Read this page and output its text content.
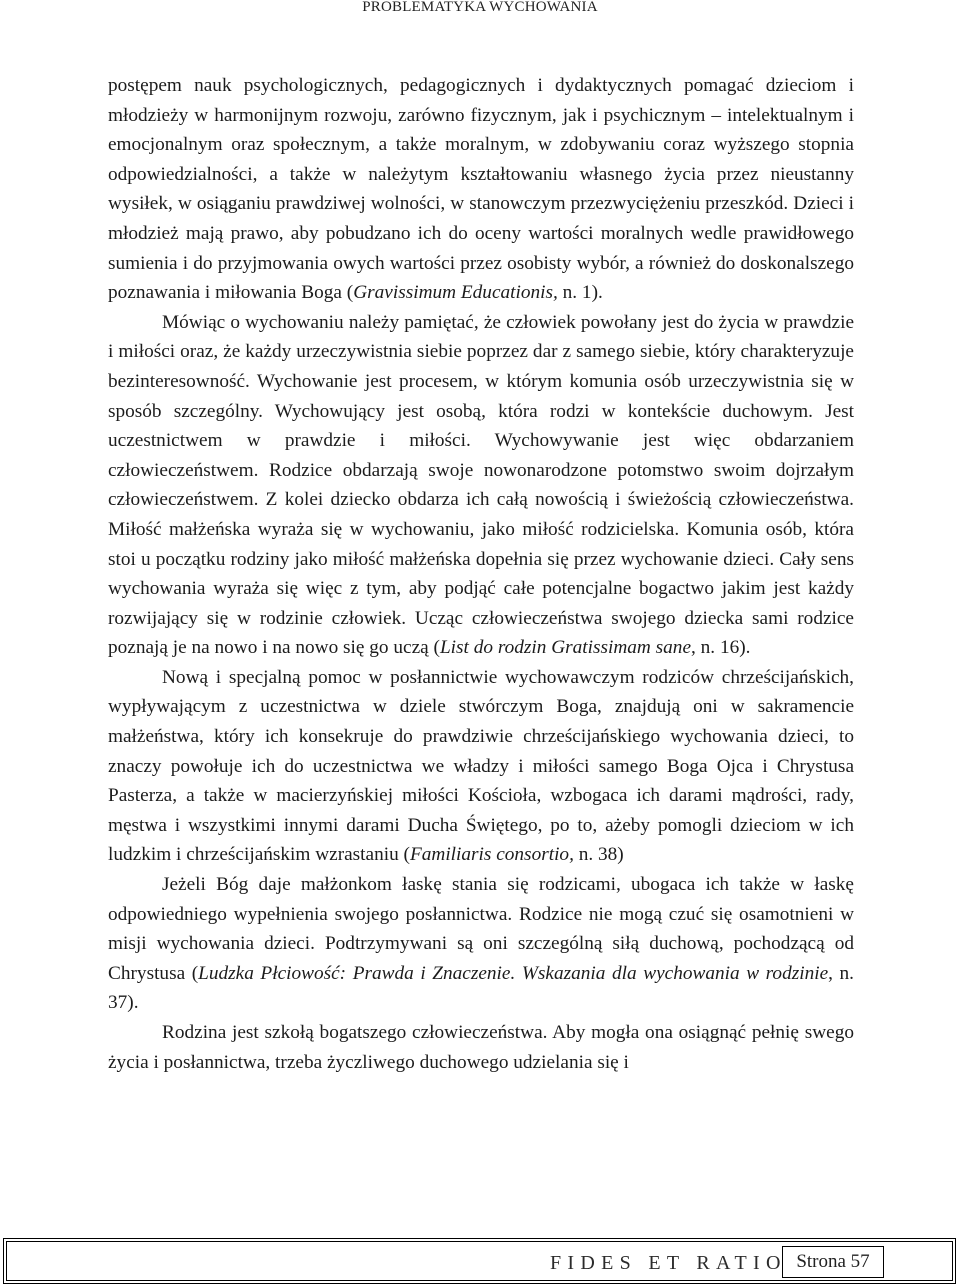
PROBLEMATYKA WYCHOWANIA

postępem nauk psychologicznych, pedagogicznych i dydaktycznych pomagać dzieciom i młodzieży w harmonijnym rozwoju, zarówno fizycznym, jak i psychicznym – intelektualnym i emocjonalnym oraz społecznym, a także moralnym, w zdobywaniu coraz wyższego stopnia odpowiedzialności, a także w należytym kształtowaniu własnego życia przez nieustanny wysiłek, w osiąganiu prawdziwej wolności, w stanowczym przezwyciężeniu przeszkód. Dzieci i młodzież mają prawo, aby pobudzano ich do oceny wartości moralnych wedle prawidłowego sumienia i do przyjmowania owych wartości przez osobisty wybór, a również do doskonalszego poznawania i miłowania Boga (Gravissimum Educationis, n. 1).

Mówiąc o wychowaniu należy pamiętać, że człowiek powołany jest do życia w prawdzie i miłości oraz, że każdy urzeczywistnia siebie poprzez dar z samego siebie, który charakteryzuje bezinteresowność. Wychowanie jest procesem, w którym komunia osób urzeczywistnia się w sposób szczególny. Wychowujący jest osobą, która rodzi w kontekście duchowym. Jest uczestnictwem w prawdzie i miłości. Wychowywanie jest więc obdarzaniem człowieczeństwem. Rodzice obdarzają swoje nowonarodzone potomstwo swoim dojrzałym człowieczeństwem. Z kolei dziecko obdarza ich całą nowością i świeżością człowieczeństwa. Miłość małżeńska wyraża się w wychowaniu, jako miłość rodzicielska. Komunia osób, która stoi u początku rodziny jako miłość małżeńska dopełnia się przez wychowanie dzieci. Cały sens wychowania wyraża się więc z tym, aby podjąć całe potencjalne bogactwo jakim jest każdy rozwijający się w rodzinie człowiek. Ucząc człowieczeństwa swojego dziecka sami rodzice poznają je na nowo i na nowo się go uczą (List do rodzin Gratissimam sane, n. 16).

Nową i specjalną pomoc w posłannictwie wychowawczym rodziców chrześcijańskich, wypływającym z uczestnictwa w dziele stwórczym Boga, znajdują oni w sakramencie małżeństwa, który ich konsekruje do prawdziwie chrześcijańskiego wychowania dzieci, to znaczy powołuje ich do uczestnictwa we władzy i miłości samego Boga Ojca i Chrystusa Pasterza, a także w macierzyńskiej miłości Kościoła, wzbogaca ich darami mądrości, rady, męstwa i wszystkimi innymi darami Ducha Świętego, po to, ażeby pomogli dzieciom w ich ludzkim i chrześcijańskim wzrastaniu (Familiaris consortio, n. 38)

Jeżeli Bóg daje małżonkom łaskę stania się rodzicami, ubogaca ich także w łaskę odpowiedniego wypełnienia swojego posłannictwa. Rodzice nie mogą czuć się osamotnieni w misji wychowania dzieci. Podtrzymywani są oni szczególną siłą duchową, pochodzącą od Chrystusa (Ludzka Płciowość: Prawda i Znaczenie. Wskazania dla wychowania w rodzinie, n. 37).

Rodzina jest szkołą bogatszego człowieczeństwa. Aby mogła ona osiągnąć pełnię swego życia i posłannictwa, trzeba życzliwego duchowego udzielania się i

FIDES ET RATIO Strona 57
